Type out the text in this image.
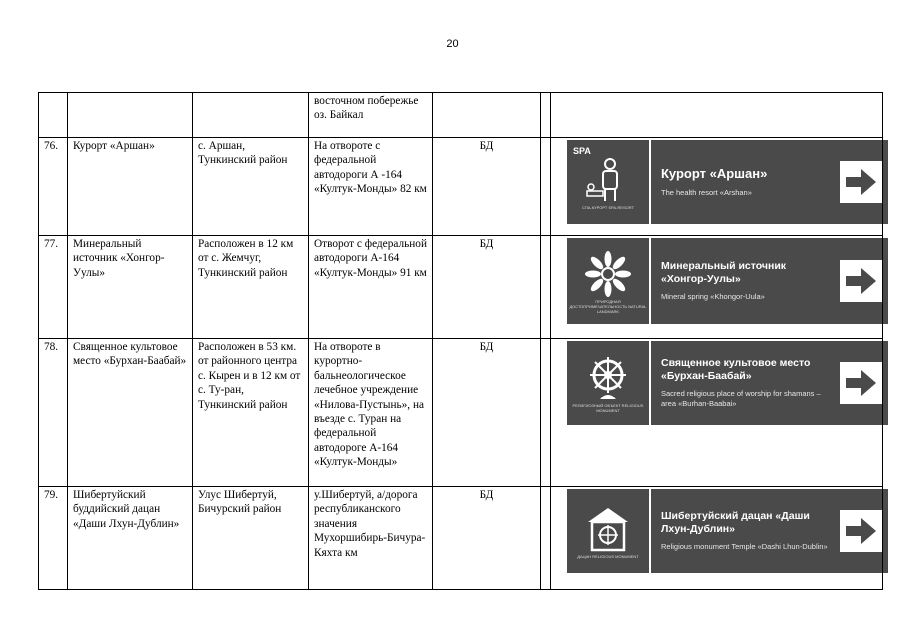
20
			восточном побережье оз. Байкал			
76.	Курорт «Аршан»	с. Аршан, Тункинский район	На отвороте с федеральной автодороги А -164 «Култук-Монды» 82 км	БД		SPA
СПА-КУРОРТ SPA-RESORT
Курорт «Аршан»
The health resort «Arshan»

77.	Минеральный источник «Хонгор-Уулы»	Расположен в 12 км от с. Жемчуг, Тункинский район	Отворот с федеральной автодороги А-164 «Култук-Монды» 91 км	БД		ПРИРОДНАЯ ДОСТОПРИМЕЧАТЕЛЬНОСТЬ NATURAL LANDMARK
Минеральный источник «Хонгор-Уулы»
Mineral spring «Khongor-Uula»

78.	Священное культовое место «Бурхан-Баабай»	Расположен в 53 км. от районного центра с. Кырен и в 12 км от с. Ту-ран, Тункинский район	На отвороте в курортно-бальнеологическое лечебное учреждение «Нилова-Пустынь», на въезде с. Туран на федеральной автодороге А-164 «Култук-Монды»	БД		РЕЛИГИОЗНЫЙ ОБЪЕКТ RELIGIOUS MONUMENT
Священное культовое место «Бурхан-Баабай»
Sacred religious place of worship for shamans – area «Burhan-Baabai»

79.	Шибертуйский буддийский дацан «Даши Лхун-Дублин»	Улус Шибертуй, Бичурский район	у.Шибертуй, а/дорога республиканского значения Мухоршибирь-Бичура-Кяхта км	БД		ДАЦАН RELIGIOUS MONUMENT
Шибертуйский дацан «Даши Лхун-Дублин»
Religious monument Temple «Dashi Lhun-Dublin»
